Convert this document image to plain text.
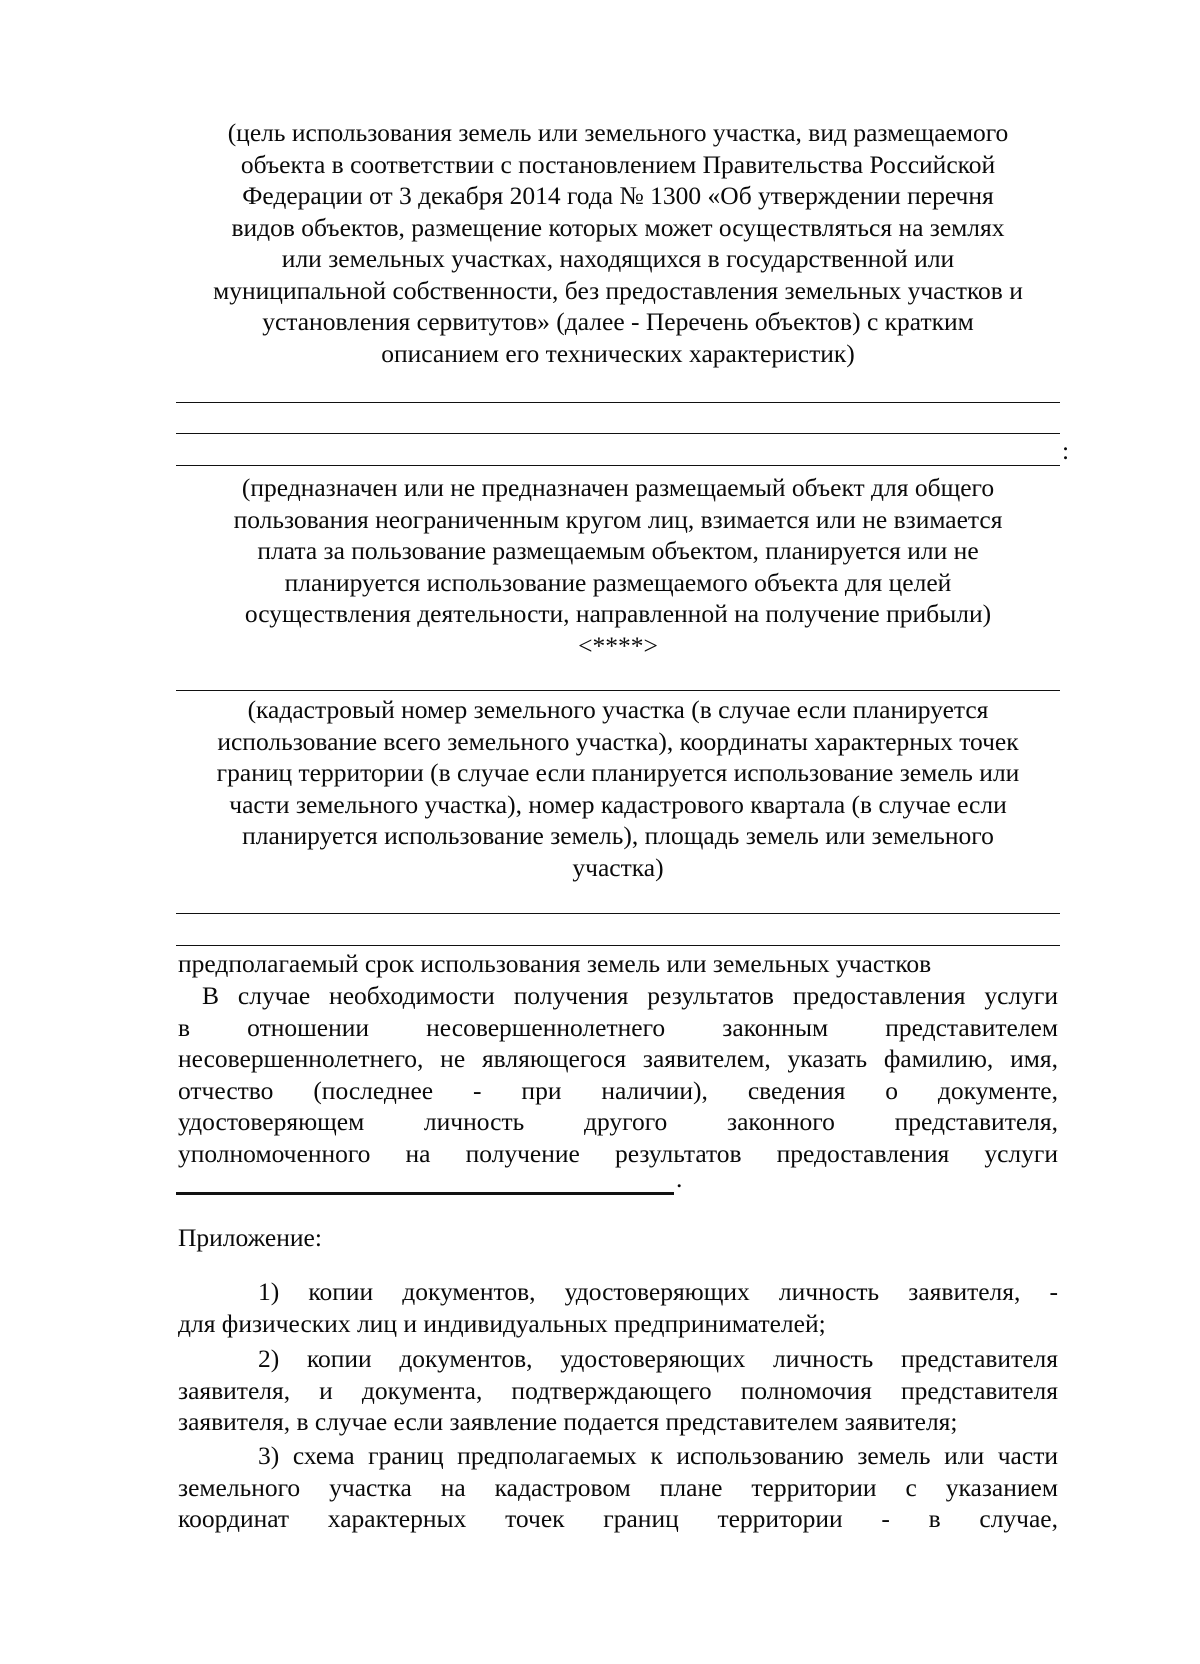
(цель использования земель или земельного участка, вид размещаемого
объекта в соответствии с постановлением Правительства Российской
Федерации от 3 декабря 2014 года № 1300 «Об утверждении перечня
видов объектов, размещение которых может осуществляться на землях
или земельных участках, находящихся в государственной или
муниципальной собственности, без предоставления земельных участков и
установления сервитутов» (далее - Перечень объектов) с кратким
описанием его технических характеристик)
:
(предназначен или не предназначен размещаемый объект для общего
пользования неограниченным кругом лиц, взимается или не взимается
плата за пользование размещаемым объектом, планируется или не
планируется использование размещаемого объекта для целей
осуществления деятельности, направленной на получение прибыли)
<****>
(кадастровый номер земельного участка (в случае если планируется
использование всего земельного участка), координаты характерных точек
границ территории (в случае если планируется использование земель или
части земельного участка), номер кадастрового квартала (в случае если
планируется использование земель), площадь земель или земельного
участка)
предполагаемый срок использования земель или земельных участков
В случае необходимости получения результатов предоставления услуги
в отношении несовершеннолетнего законным представителем
несовершеннолетнего, не являющегося заявителем, указать фамилию, имя,
отчество (последнее - при наличии), сведения о документе,
удостоверяющем личность другого законного представителя,
уполномоченного на получение результатов предоставления услуги
.
Приложение:
1) копии документов, удостоверяющих личность заявителя, -
для физических лиц и индивидуальных предпринимателей;
2) копии документов, удостоверяющих личность представителя
заявителя, и документа, подтверждающего полномочия представителя
заявителя, в случае если заявление подается представителем заявителя;
3) схема границ предполагаемых к использованию земель или части
земельного участка на кадастровом плане территории с указанием
координат характерных точек границ территории - в случае,
